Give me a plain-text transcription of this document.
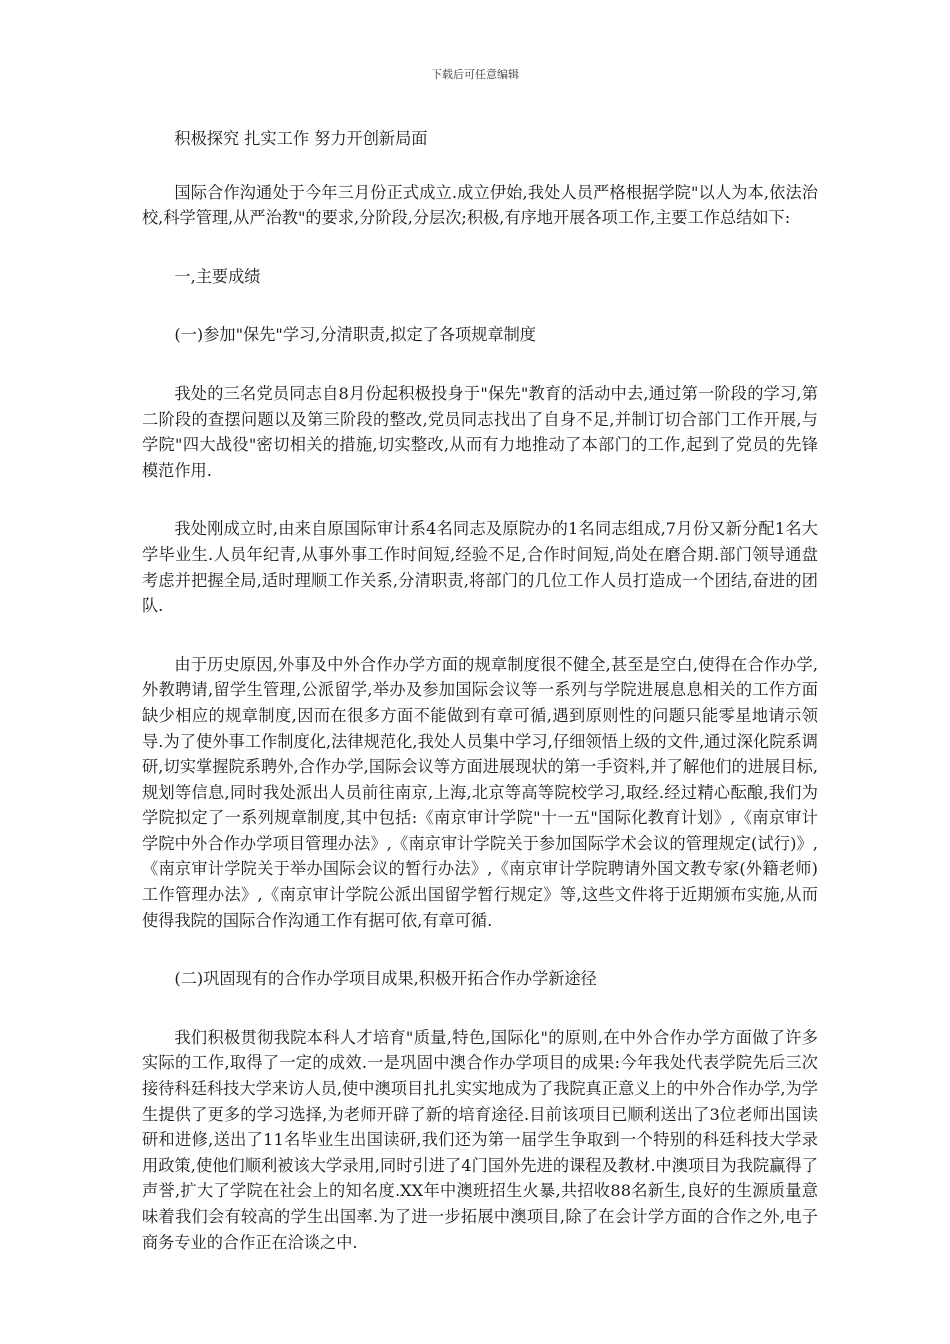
下载后可任意编辑

积极探究 扎实工作 努力开创新局面

国际合作沟通处于今年三月份正式成立.成立伊始,我处人员严格根据学院"以人为本,依法治校,科学管理,从严治教"的要求,分阶段,分层次;积极,有序地开展各项工作,主要工作总结如下:

一,主要成绩

(一)参加"保先"学习,分清职责,拟定了各项规章制度

我处的三名党员同志自8月份起积极投身于"保先"教育的活动中去,通过第一阶段的学习,第二阶段的查摆问题以及第三阶段的整改,党员同志找出了自身不足,并制订切合部门工作开展,与学院"四大战役"密切相关的措施,切实整改,从而有力地推动了本部门的工作,起到了党员的先锋模范作用.

我处刚成立时,由来自原国际审计系4名同志及原院办的1名同志组成,7月份又新分配1名大学毕业生.人员年纪青,从事外事工作时间短,经验不足,合作时间短,尚处在磨合期.部门领导通盘考虑并把握全局,适时理顺工作关系,分清职责,将部门的几位工作人员打造成一个团结,奋进的团队.

由于历史原因,外事及中外合作办学方面的规章制度很不健全,甚至是空白,使得在合作办学,外教聘请,留学生管理,公派留学,举办及参加国际会议等一系列与学院进展息息相关的工作方面缺少相应的规章制度,因而在很多方面不能做到有章可循,遇到原则性的问题只能零星地请示领导.为了使外事工作制度化,法律规范化,我处人员集中学习,仔细领悟上级的文件,通过深化院系调研,切实掌握院系聘外,合作办学,国际会议等方面进展现状的第一手资料,并了解他们的进展目标,规划等信息,同时我处派出人员前往南京,上海,北京等高等院校学习,取经.经过精心酝酿,我们为学院拟定了一系列规章制度,其中包括:《南京审计学院"十一五"国际化教育计划》,《南京审计学院中外合作办学项目管理办法》,《南京审计学院关于参加国际学术会议的管理规定(试行)》,《南京审计学院关于举办国际会议的暂行办法》,《南京审计学院聘请外国文教专家(外籍老师)工作管理办法》,《南京审计学院公派出国留学暂行规定》等,这些文件将于近期颁布实施,从而使得我院的国际合作沟通工作有据可依,有章可循.

(二)巩固现有的合作办学项目成果,积极开拓合作办学新途径

我们积极贯彻我院本科人才培育"质量,特色,国际化"的原则,在中外合作办学方面做了许多实际的工作,取得了一定的成效.一是巩固中澳合作办学项目的成果:今年我处代表学院先后三次接待科廷科技大学来访人员,使中澳项目扎扎实实地成为了我院真正意义上的中外合作办学,为学生提供了更多的学习选择,为老师开辟了新的培育途径.目前该项目已顺利送出了3位老师出国读研和进修,送出了11名毕业生出国读研,我们还为第一届学生争取到一个特别的科廷科技大学录用政策,使他们顺利被该大学录用,同时引进了4门国外先进的课程及教材.中澳项目为我院赢得了声誉,扩大了学院在社会上的知名度.XX年中澳班招生火暴,共招收88名新生,良好的生源质量意味着我们会有较高的学生出国率.为了进一步拓展中澳项目,除了在会计学方面的合作之外,电子商务专业的合作正在洽谈之中.
